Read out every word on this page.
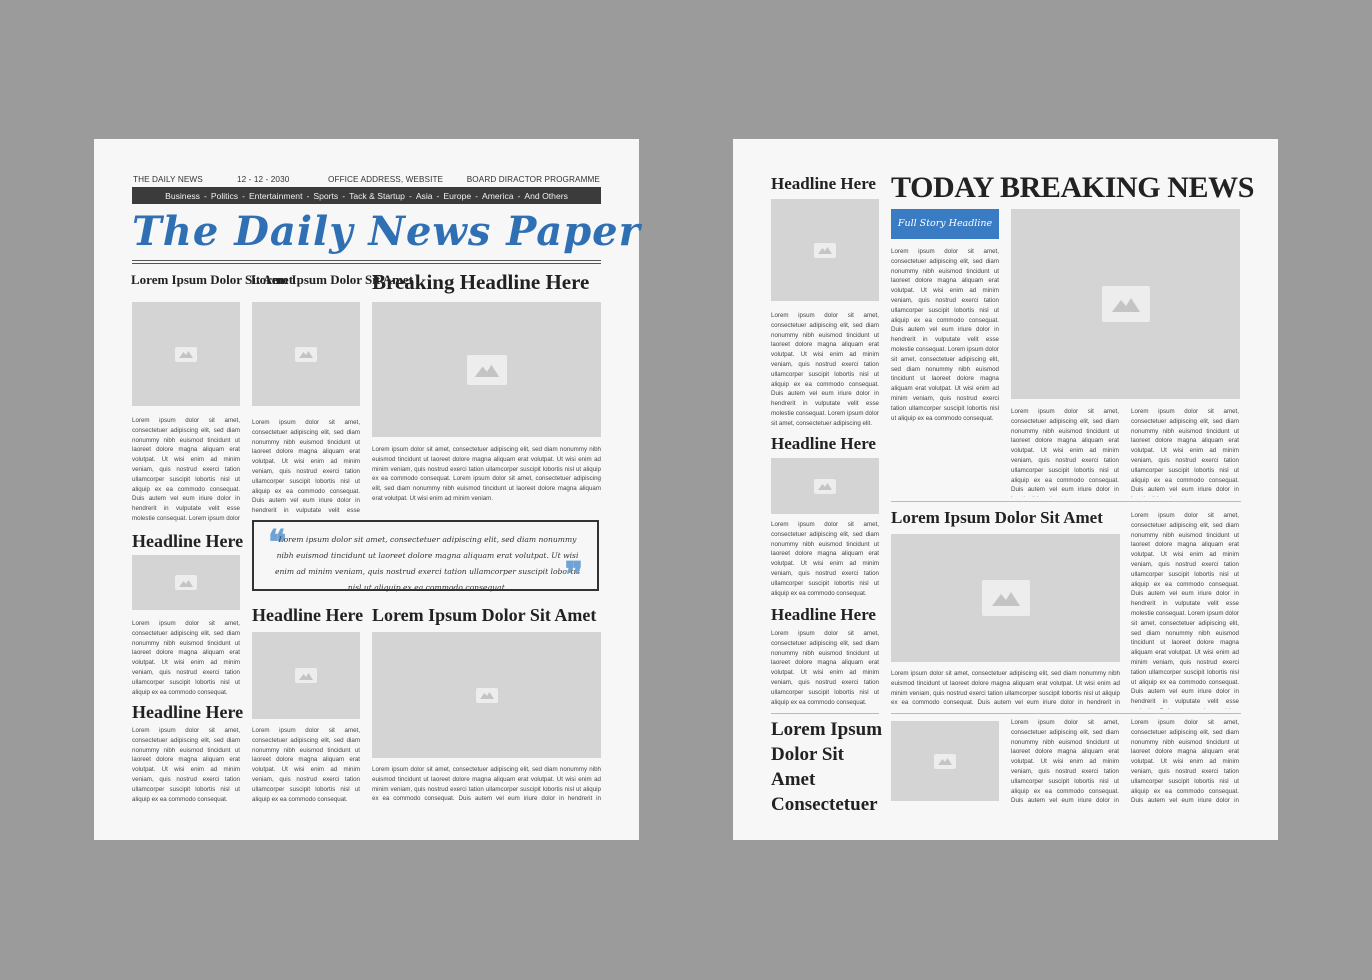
THE DAILY NEWS	12 - 12 - 2030	OFFICE ADDRESS, WEBSITE	BOARD DIRACTOR PROGRAMME
Business - Politics - Entertainment - Sports - Tack & Startup - Asia - Europe - America - And Others
The Daily News Paper
Lorem Ipsum Dolor Sit Amet
Lorem ipsum dolor sit amet, consectetuer adipiscing elit, sed diam nonummy nibh euismod tincidunt ut laoreet dolore magna aliquam erat volutpat. Ut wisi enim ad minim veniam, quis nostrud exerci tation ullamcorper suscipit lobortis nisl ut aliquip ex ea commodo consequat. Duis autem vel eum iriure dolor in hendrerit in vulputate velit esse molestie consequat. Lorem ipsum dolor
Lorem Ipsum Dolor Sit Amet
Lorem ipsum dolor sit amet, consectetuer adipiscing elit, sed diam nonummy nibh euismod tincidunt ut laoreet dolore magna aliquam erat volutpat. Ut wisi enim ad minim veniam, quis nostrud exerci tation ullamcorper suscipit lobortis nisl ut aliquip ex ea commodo consequat. Duis autem vel eum iriure dolor in hendrerit in vulputate velit esse
Breaking Headline Here
Lorem ipsum dolor sit amet, consectetuer adipiscing elit, sed diam nonummy nibh euismod tincidunt ut laoreet dolore magna aliquam erat volutpat. Ut wisi enim ad minim veniam, quis nostrud exerci tation ullamcorper suscipit lobortis nisl ut aliquip ex ea commodo consequat. Lorem ipsum dolor sit amet, consectetuer adipiscing elit, sed diam nonummy nibh euismod tincidunt ut laoreet dolore magna aliquam erat volutpat. Ut wisi enim ad minim veniam.
❝
Lorem ipsum dolor sit amet, consectetuer adipiscing elit, sed diam nonummy nibh euismod tincidunt ut laoreet dolore magna aliquam erat volutpat. Ut wisi enim ad minim veniam, quis nostrud exerci tation ullamcorper suscipit lobortis nisl ut aliquip ex ea commodo consequat.	❞
Headline Here
Lorem ipsum dolor sit amet, consectetuer adipiscing elit, sed diam nonummy nibh euismod tincidunt ut laoreet dolore magna aliquam erat volutpat. Ut wisi enim ad minim veniam, quis nostrud exerci tation ullamcorper suscipit lobortis nisl ut aliquip ex ea commodo consequat.
Headline Here
Lorem ipsum dolor sit amet, consectetuer adipiscing elit, sed diam nonummy nibh euismod tincidunt ut laoreet dolore magna aliquam erat volutpat. Ut wisi enim ad minim veniam, quis nostrud exerci tation ullamcorper suscipit lobortis nisl ut aliquip ex ea commodo consequat.
Headline Here
Lorem ipsum dolor sit amet, consectetuer adipiscing elit, sed diam nonummy nibh euismod tincidunt ut laoreet dolore magna aliquam erat volutpat. Ut wisi enim ad minim veniam, quis nostrud exerci tation ullamcorper suscipit lobortis nisl ut aliquip ex ea commodo consequat.
Lorem Ipsum Dolor Sit Amet
Lorem ipsum dolor sit amet, consectetuer adipiscing elit, sed diam nonummy nibh euismod tincidunt ut laoreet dolore magna aliquam erat volutpat. Ut wisi enim ad minim veniam, quis nostrud exerci tation ullamcorper suscipit lobortis nisl ut aliquip ex ea commodo consequat. Duis autem vel eum iriure dolor in hendrerit in
Headline Here
Lorem ipsum dolor sit amet, consectetuer adipiscing elit, sed diam nonummy nibh euismod tincidunt ut laoreet dolore magna aliquam erat volutpat. Ut wisi enim ad minim veniam, quis nostrud exerci tation ullamcorper suscipit lobortis nisl ut aliquip ex ea commodo consequat. Duis autem vel eum iriure dolor in hendrerit in vulputate velit esse molestie consequat. Lorem ipsum dolor sit amet, consectetuer adipiscing elit.
Headline Here
Lorem ipsum dolor sit amet, consectetuer adipiscing elit, sed diam nonummy nibh euismod tincidunt ut laoreet dolore magna aliquam erat volutpat. Ut wisi enim ad minim veniam, quis nostrud exerci tation ullamcorper suscipit lobortis nisl ut aliquip ex ea commodo consequat.
Headline Here
Lorem ipsum dolor sit amet, consectetuer adipiscing elit, sed diam nonummy nibh euismod tincidunt ut laoreet dolore magna aliquam erat volutpat. Ut wisi enim ad minim veniam, quis nostrud exerci tation ullamcorper suscipit lobortis nisl ut aliquip ex ea commodo consequat.
Lorem Ipsum Dolor Sit Amet Consectetuer
TODAY BREAKING NEWS
Full Story Headline
Lorem ipsum dolor sit amet, consectetuer adipiscing elit, sed diam nonummy nibh euismod tincidunt ut laoreet dolore magna aliquam erat volutpat. Ut wisi enim ad minim veniam, quis nostrud exerci tation ullamcorper suscipit lobortis nisl ut aliquip ex ea commodo consequat. Duis autem vel eum iriure dolor in hendrerit in vulputate velit esse molestie consequat. Lorem ipsum dolor sit amet, consectetuer adipiscing elit, sed diam nonummy nibh euismod tincidunt ut laoreet dolore magna aliquam erat volutpat. Ut wisi enim ad minim veniam, quis nostrud exerci tation ullamcorper suscipit lobortis nisl ut aliquip ex ea commodo consequat.
Lorem ipsum dolor sit amet, consectetuer adipiscing elit, sed diam nonummy nibh euismod tincidunt ut laoreet dolore magna aliquam erat volutpat. Ut wisi enim ad minim veniam, quis nostrud exerci tation ullamcorper suscipit lobortis nisl ut aliquip ex ea commodo consequat. Duis autem vel eum iriure dolor in
Lorem ipsum dolor sit amet, consectetuer adipiscing elit, sed diam nonummy nibh euismod tincidunt ut laoreet dolore magna aliquam erat volutpat. Ut wisi enim ad minim veniam, quis nostrud exerci tation ullamcorper suscipit lobortis nisl ut aliquip ex ea commodo consequat. Duis autem vel eum iriure dolor in
Lorem Ipsum Dolor Sit Amet
Lorem ipsum dolor sit amet, consectetuer adipiscing elit, sed diam nonummy nibh euismod tincidunt ut laoreet dolore magna aliquam erat volutpat. Ut wisi enim ad minim veniam, quis nostrud exerci tation ullamcorper suscipit lobortis nisl ut aliquip ex ea commodo consequat. Duis autem vel eum iriure dolor in hendrerit in
Lorem ipsum dolor sit amet, consectetuer adipiscing elit, sed diam nonummy nibh euismod tincidunt ut laoreet dolore magna aliquam erat volutpat. Ut wisi enim ad minim veniam, quis nostrud exerci tation ullamcorper suscipit lobortis nisl ut aliquip ex ea commodo consequat. Duis autem vel eum iriure dolor in hendrerit in vulputate velit esse molestie consequat. Lorem ipsum dolor sit amet, consectetuer adipiscing elit, sed diam nonummy nibh euismod tincidunt ut laoreet dolore magna aliquam erat volutpat. Ut wisi enim ad minim veniam, quis nostrud exerci tation ullamcorper suscipit lobortis nisl ut aliquip ex ea commodo consequat. Duis autem vel eum iriure dolor in hendrerit in vulputate velit esse
Lorem ipsum dolor sit amet, consectetuer adipiscing elit, sed diam nonummy nibh euismod tincidunt ut laoreet dolore magna aliquam erat volutpat. Ut wisi enim ad minim veniam, quis nostrud exerci tation ullamcorper suscipit lobortis nisl ut aliquip ex ea commodo consequat. Duis autem vel eum iriure dolor in
Lorem ipsum dolor sit amet, consectetuer adipiscing elit, sed diam nonummy nibh euismod tincidunt ut laoreet dolore magna aliquam erat volutpat. Ut wisi enim ad minim veniam, quis nostrud exerci tation ullamcorper suscipit lobortis nisl ut aliquip ex ea commodo consequat. Duis autem vel eum iriure dolor in
